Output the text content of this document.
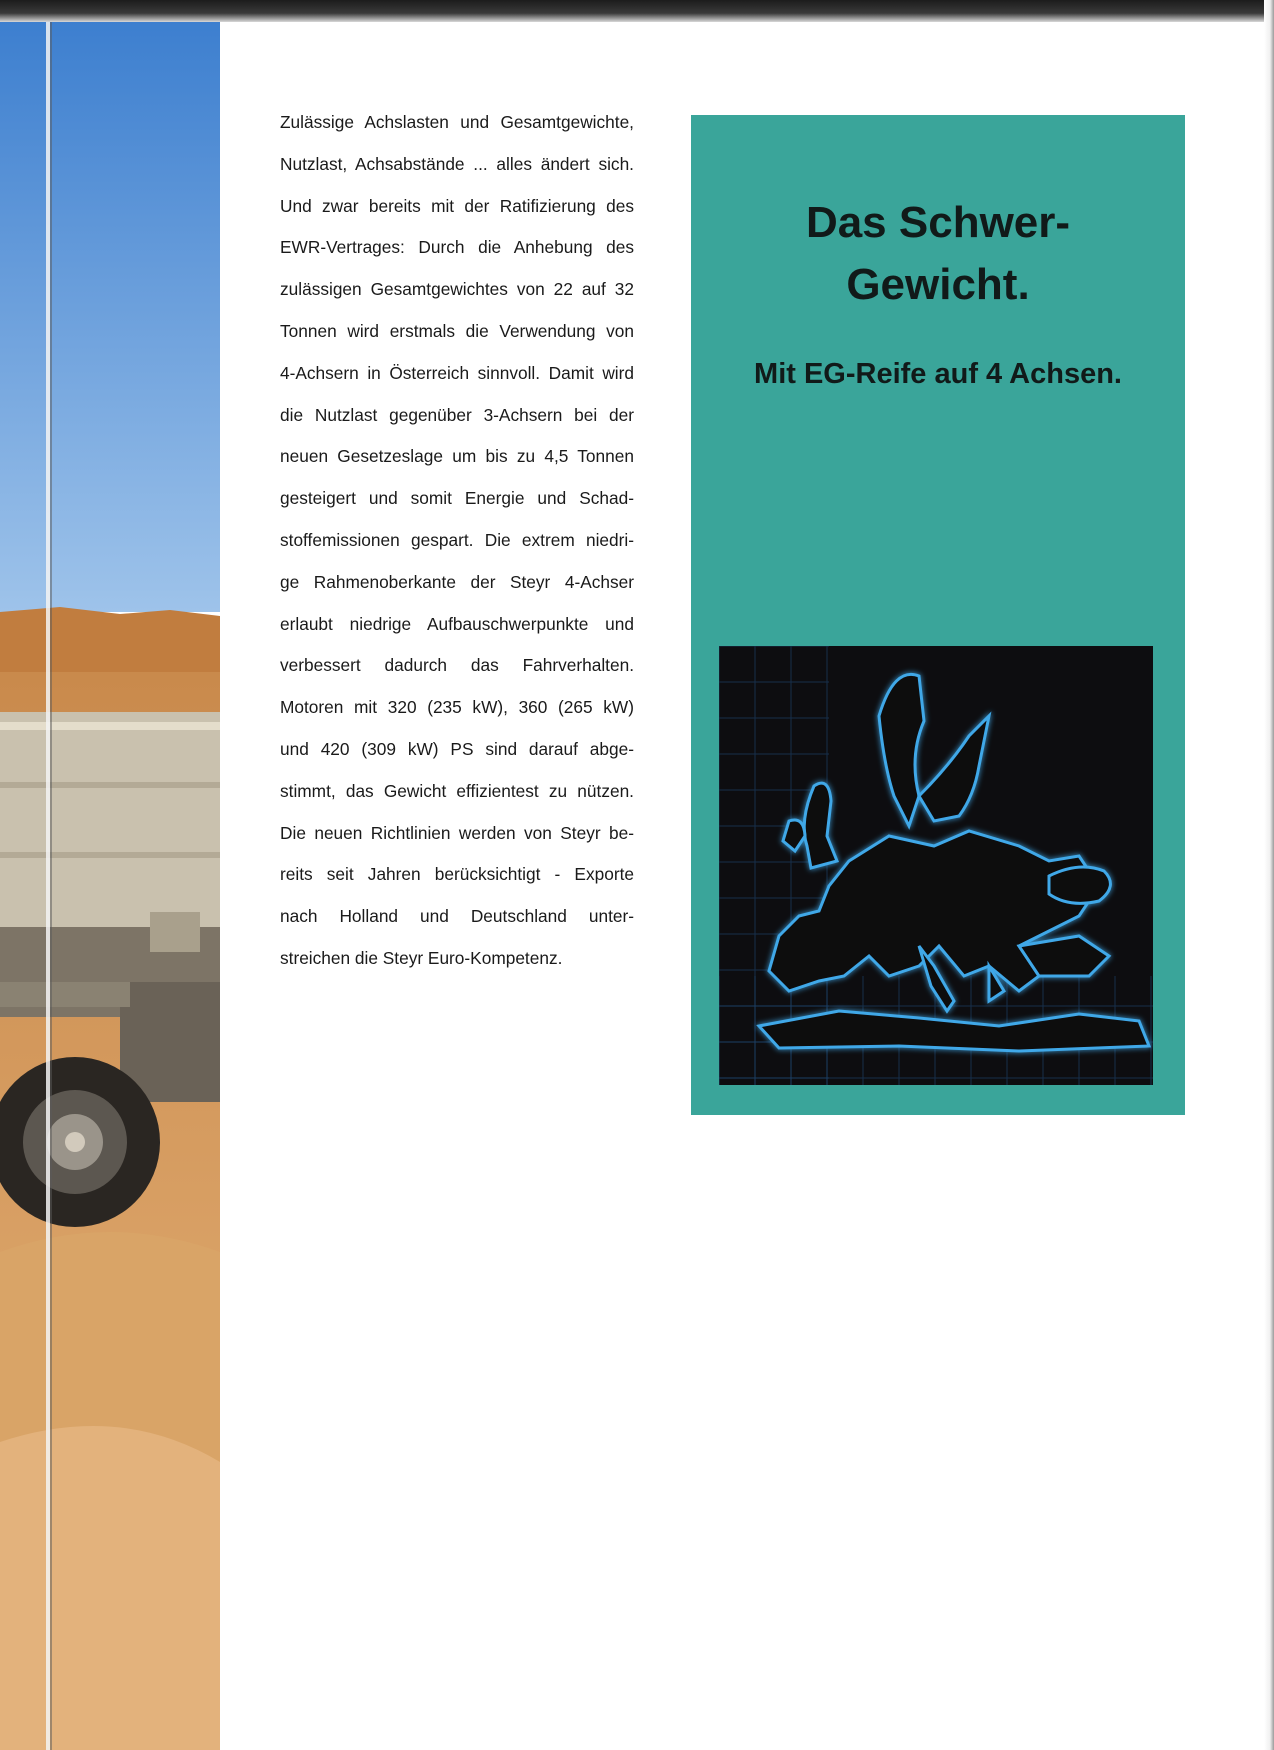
Zulässige Achslasten und Gesamtgewichte,

Nutzlast, Achsabstände ... alles ändert sich.

Und zwar bereits mit der Ratifizierung des

EWR-Vertrages: Durch die Anhebung des

zulässigen Gesamtgewichtes von 22 auf 32

Tonnen wird erstmals die Verwendung von

4-Achsern in Österreich sinnvoll. Damit wird

die Nutzlast gegenüber 3-Achsern bei der

neuen Gesetzeslage um bis zu 4,5 Tonnen

gesteigert und somit Energie und Schad-

stoffemissionen gespart. Die extrem niedri-

ge Rahmenoberkante der Steyr 4-Achser

erlaubt niedrige Aufbauschwerpunkte und

verbessert dadurch das Fahrverhalten.

Motoren mit 320 (235 kW), 360 (265 kW)

und 420 (309 kW) PS sind darauf abge-

stimmt, das Gewicht effizientest zu nützen.

Die neuen Richtlinien werden von Steyr be-

reits seit Jahren berücksichtigt - Exporte

nach Holland und Deutschland unter-

streichen die Steyr Euro-Kompetenz.

Das Schwer-
Gewicht.

Mit EG-Reife auf 4 Achsen.
